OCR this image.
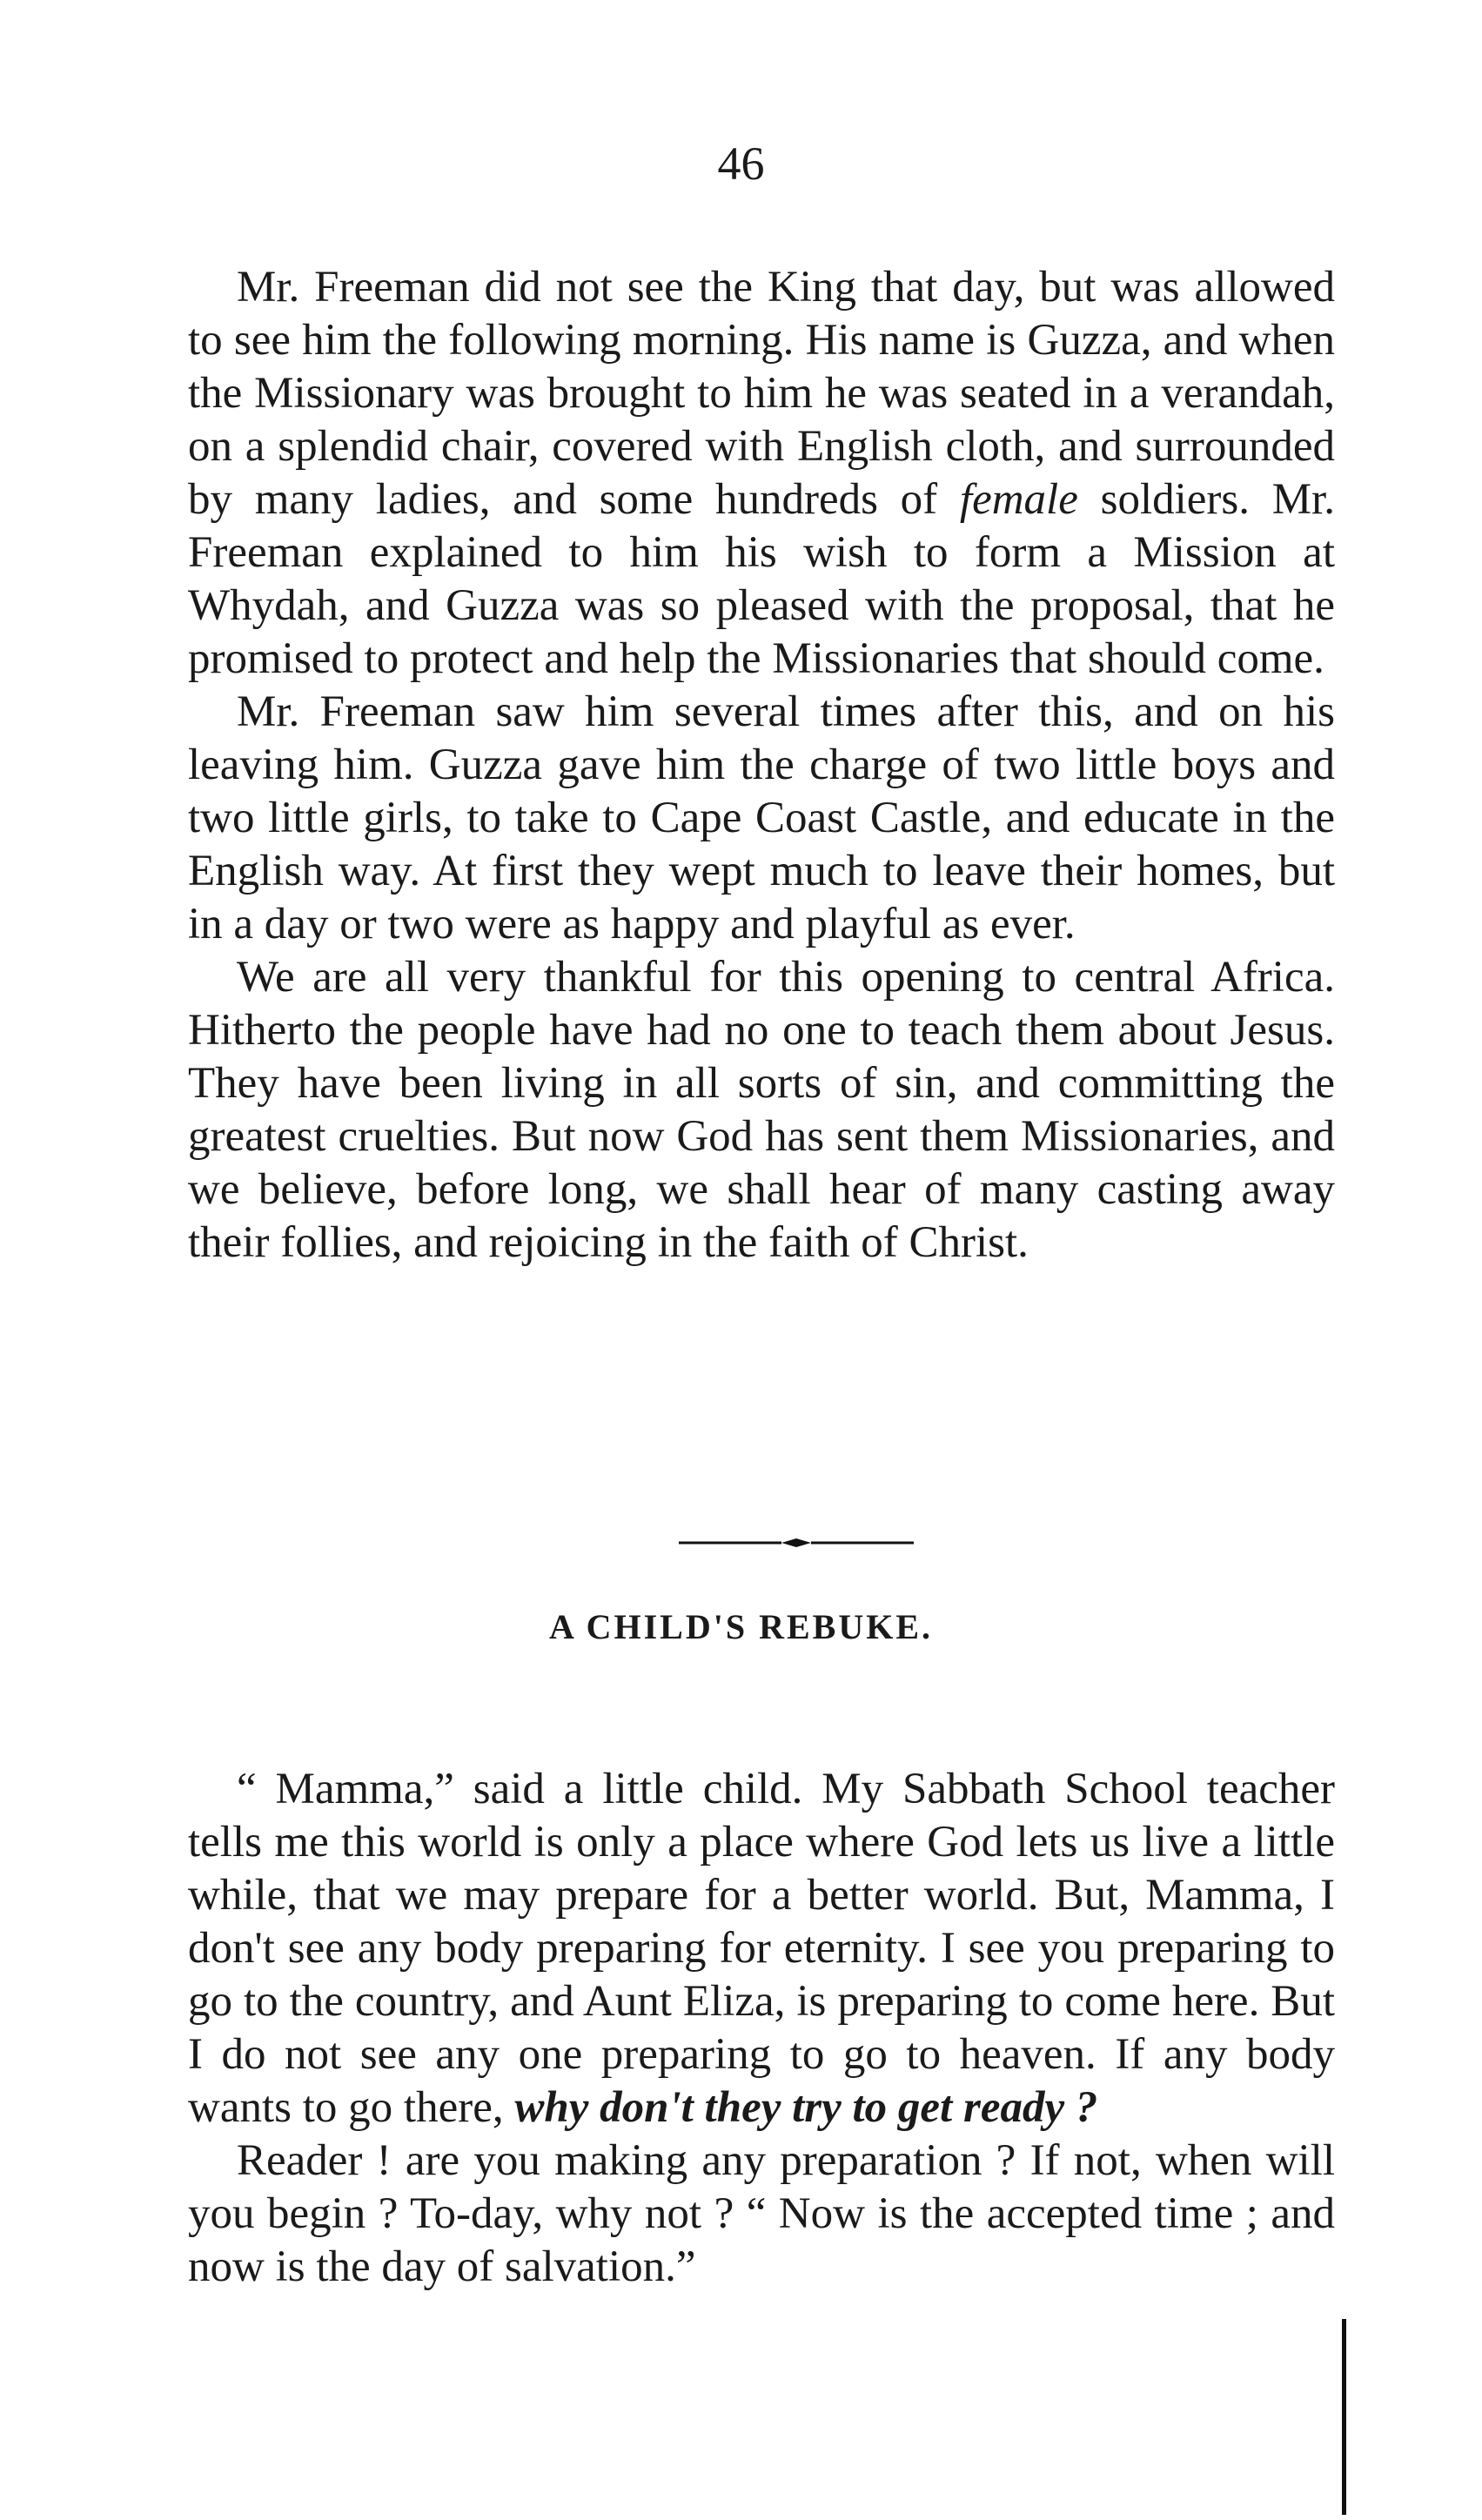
46

Mr. Freeman did not see the King that day, but was allowed to see him the following morning. His name is Guzza, and when the Missionary was brought to him he was seated in a verandah, on a splendid chair, covered with English cloth, and surrounded by many ladies, and some hundreds of female soldiers. Mr. Freeman explained to him his wish to form a Mission at Whydah, and Guzza was so pleased with the proposal, that he promised to protect and help the Missionaries that should come.

Mr. Freeman saw him several times after this, and on his leaving him. Guzza gave him the charge of two little boys and two little girls, to take to Cape Coast Castle, and educate in the English way. At first they wept much to leave their homes, but in a day or two were as happy and playful as ever.

We are all very thankful for this opening to central Africa. Hitherto the people have had no one to teach them about Jesus. They have been living in all sorts of sin, and committing the greatest cruelties. But now God has sent them Missionaries, and we believe, before long, we shall hear of many casting away their follies, and rejoicing in the faith of Christ.

A CHILD'S REBUKE.

“ Mamma,” said a little child. My Sabbath School teacher tells me this world is only a place where God lets us live a little while, that we may prepare for a better world. But, Mamma, I don't see any body preparing for eternity. I see you preparing to go to the country, and Aunt Eliza, is preparing to come here. But I do not see any one preparing to go to heaven. If any body wants to go there, why don't they try to get ready ?

Reader ! are you making any preparation ? If not, when will you begin ? To-day, why not ? “ Now is the accepted time ; and now is the day of salvation.”
